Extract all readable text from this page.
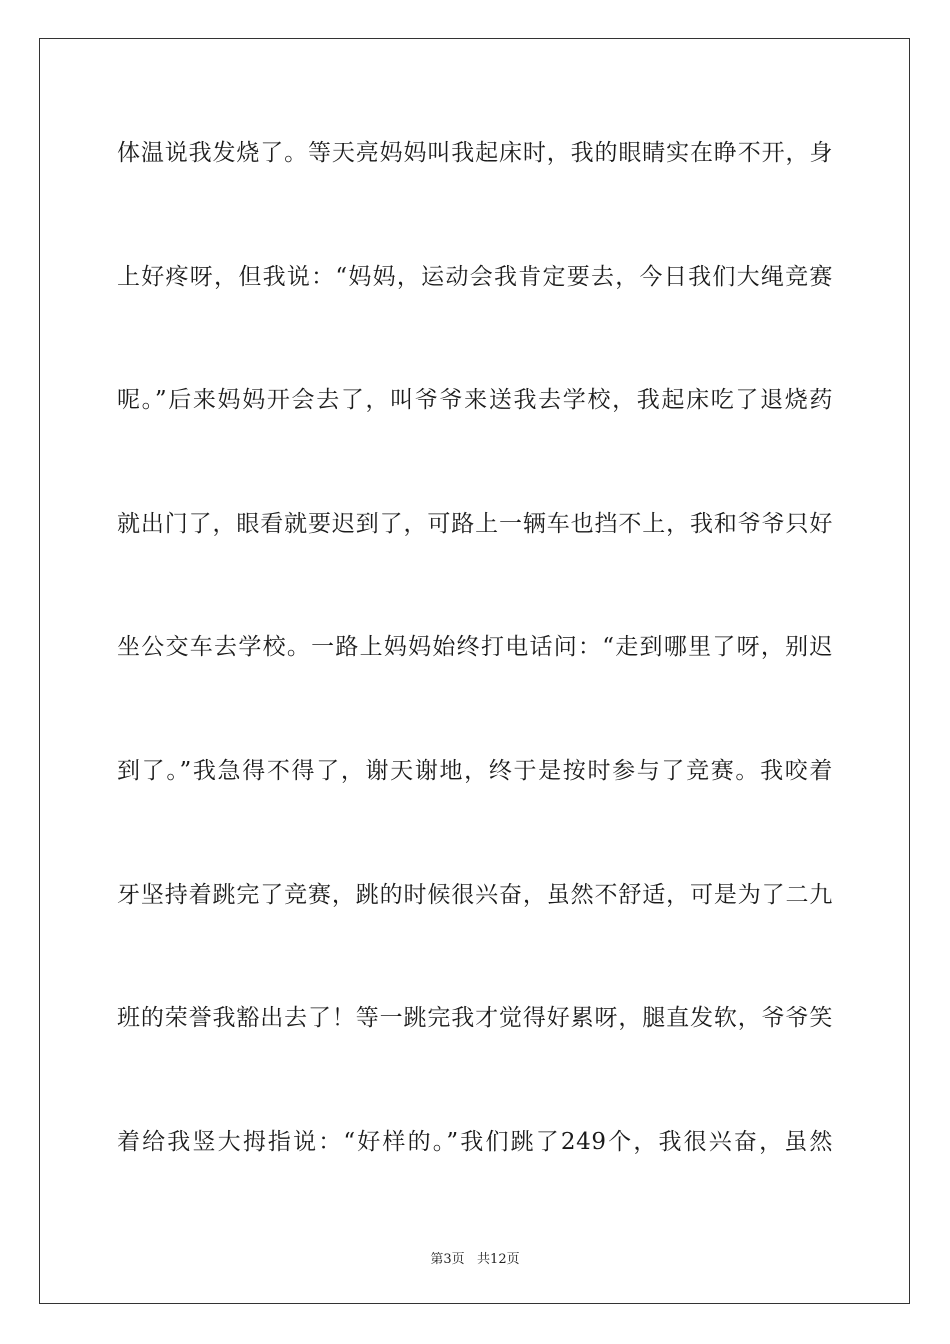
体温说我发烧了。等天亮妈妈叫我起床时，我的眼睛实在睁不开，身
上好疼呀，但我说：“妈妈，运动会我肯定要去，今日我们大绳竞赛
呢。”后来妈妈开会去了，叫爷爷来送我去学校，我起床吃了退烧药
就出门了，眼看就要迟到了，可路上一辆车也挡不上，我和爷爷只好
坐公交车去学校。一路上妈妈始终打电话问：“走到哪里了呀，别迟
到了。”我急得不得了，谢天谢地，终于是按时参与了竞赛。我咬着
牙坚持着跳完了竞赛，跳的时候很兴奋，虽然不舒适，可是为了二九
班的荣誉我豁出去了！等一跳完我才觉得好累呀，腿直发软，爷爷笑
着给我竖大拇指说：“好样的。”我们跳了249个，我很兴奋，虽然
第3页   共12页
